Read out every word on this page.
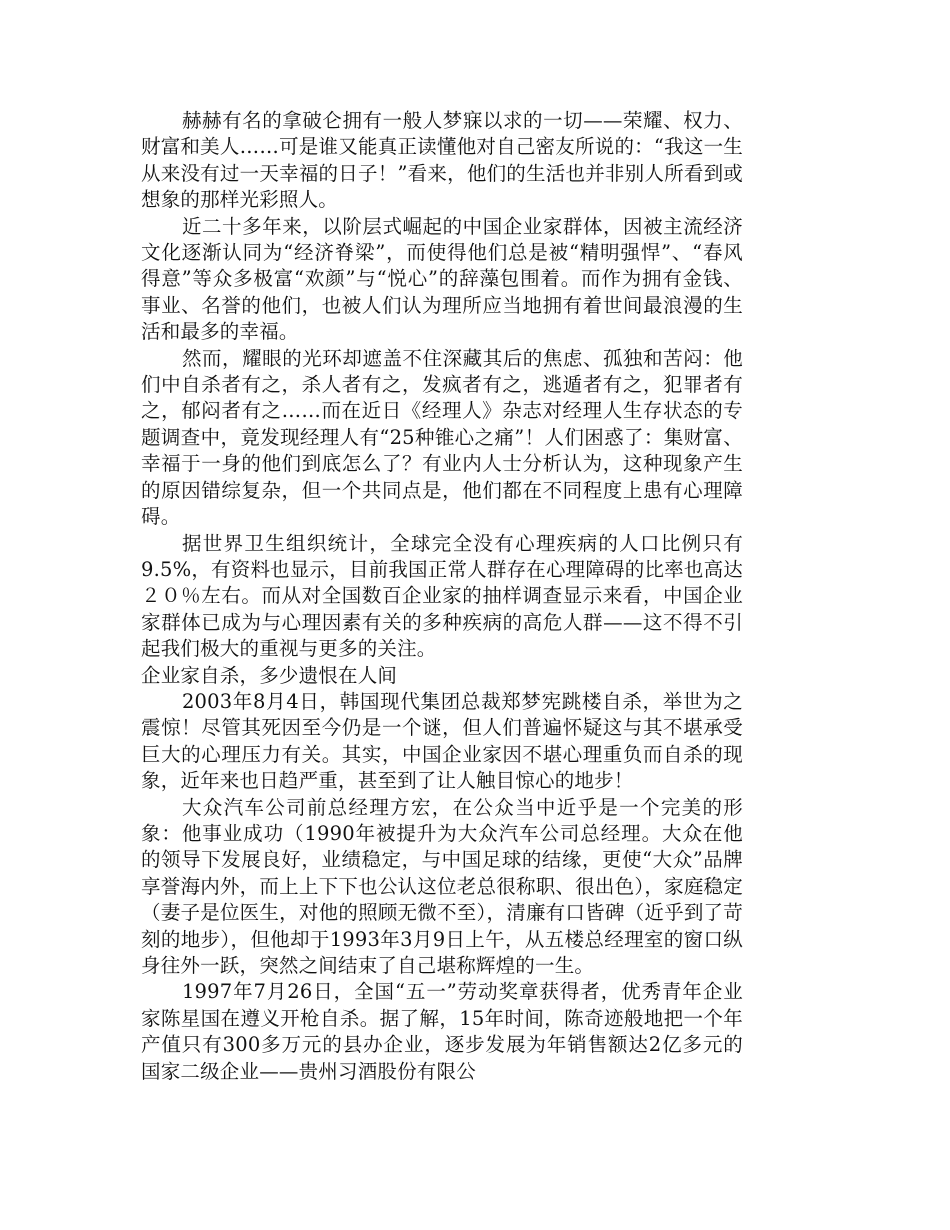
赫赫有名的拿破仑拥有一般人梦寐以求的一切——荣耀、权力、财富和美人……可是谁又能真正读懂他对自己密友所说的：“我这一生从来没有过一天幸福的日子！”看来，他们的生活也并非别人所看到或想象的那样光彩照人。

近二十多年来，以阶层式崛起的中国企业家群体，因被主流经济文化逐渐认同为“经济脊梁”，而使得他们总是被“精明强悍”、“春风得意”等众多极富“欢颜”与“悦心”的辞藻包围着。而作为拥有金钱、事业、名誉的他们，也被人们认为理所应当地拥有着世间最浪漫的生活和最多的幸福。

然而，耀眼的光环却遮盖不住深藏其后的焦虑、孤独和苦闷：他们中自杀者有之，杀人者有之，发疯者有之，逃遁者有之，犯罪者有之，郁闷者有之……而在近日《经理人》杂志对经理人生存状态的专题调查中，竟发现经理人有“25种锥心之痛”！人们困惑了：集财富、幸福于一身的他们到底怎么了？有业内人士分析认为，这种现象产生的原因错综复杂，但一个共同点是，他们都在不同程度上患有心理障碍。

据世界卫生组织统计，全球完全没有心理疾病的人口比例只有9.5%，有资料也显示，目前我国正常人群存在心理障碍的比率也高达２０％左右。而从对全国数百企业家的抽样调查显示来看，中国企业家群体已成为与心理因素有关的多种疾病的高危人群——这不得不引起我们极大的重视与更多的关注。

企业家自杀，多少遗恨在人间

2003年8月4日，韩国现代集团总裁郑梦宪跳楼自杀，举世为之震惊！尽管其死因至今仍是一个谜，但人们普遍怀疑这与其不堪承受巨大的心理压力有关。其实，中国企业家因不堪心理重负而自杀的现象，近年来也日趋严重，甚至到了让人触目惊心的地步！

大众汽车公司前总经理方宏，在公众当中近乎是一个完美的形象：他事业成功（1990年被提升为大众汽车公司总经理。大众在他的领导下发展良好，业绩稳定，与中国足球的结缘，更使“大众”品牌享誉海内外，而上上下下也公认这位老总很称职、很出色），家庭稳定（妻子是位医生，对他的照顾无微不至），清廉有口皆碑（近乎到了苛刻的地步），但他却于1993年3月9日上午，从五楼总经理室的窗口纵身往外一跃，突然之间结束了自己堪称辉煌的一生。

1997年7月26日，全国“五一”劳动奖章获得者，优秀青年企业家陈星国在遵义开枪自杀。据了解，15年时间，陈奇迹般地把一个年产值只有300多万元的县办企业，逐步发展为年销售额达2亿多元的国家二级企业——贵州习酒股份有限公
